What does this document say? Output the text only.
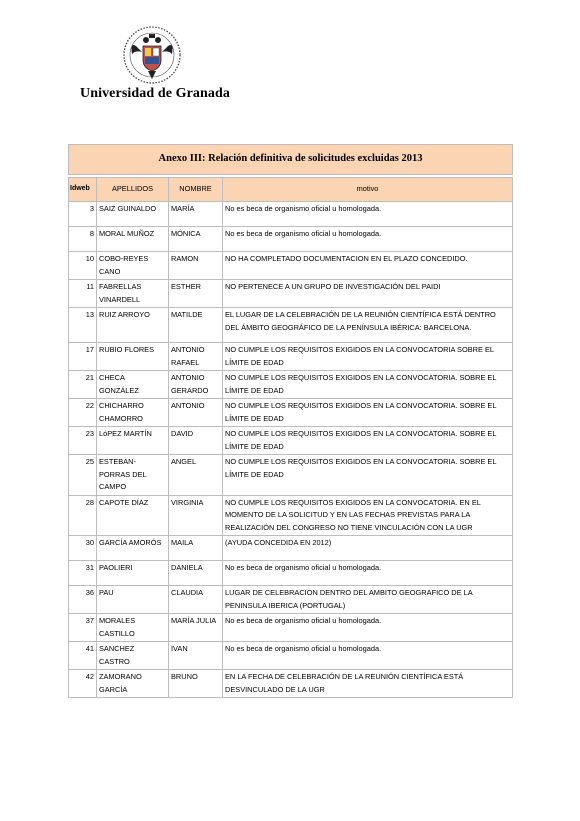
Universidad de Granada
Anexo III: Relación definitiva de solicitudes excluidas 2013			

Idweb	APELLIDOS	NOMBRE	motivo
3	SAIZ GUINALDO	MARÍA	No es beca de organismo oficial u homologada.
8	MORAL MUÑOZ	MÓNICA	No es beca de organismo oficial u homologada.
10	COBO-REYES CANO	RAMON	NO HA COMPLETADO DOCUMENTACION EN EL PLAZO CONCEDIDO.
11	FABRELLAS VINARDELL	ESTHER	NO PERTENECE A UN GRUPO DE INVESTIGACIÓN DEL PAIDI
13	RUIZ ARROYO	MATILDE	EL LUGAR DE LA CELEBRACIÓN DE LA REUNIÓN CIENTÍFICA ESTÁ DENTRO DEL ÁMBITO GEOGRÁFICO DE LA PENÍNSULA IBÉRICA: BARCELONA.
17	RUBIO FLORES	ANTONIO RAFAEL	NO CUMPLE LOS REQUISITOS EXIGIDOS EN LA CONVOCATORIA SOBRE EL LÍMITE DE EDAD
21	CHECA GONZÁLEZ	ANTONIO GERARDO	NO CUMPLE LOS REQUISITOS EXIGIDOS EN LA CONVOCATORIA. SOBRE EL LÍMITE DE EDAD
22	CHICHARRO CHAMORRO	ANTONIO	NO CUMPLE LOS REQUISITOS EXIGIDOS EN LA CONVOCATORIA. SOBRE EL LÍMITE DE EDAD
23	LóPEZ MARTÍN	DAVID	NO CUMPLE LOS REQUISITOS EXIGIDOS EN LA CONVOCATORIA. SOBRE EL LÍMITE DE EDAD
25	ESTEBAN-PORRAS DEL CAMPO	ANGEL	NO CUMPLE LOS REQUISITOS EXIGIDOS EN LA CONVOCATORIA. SOBRE EL LÍMITE DE EDAD
28	CAPOTE DÍAZ	VIRGINIA	NO CUMPLE LOS REQUISITOS EXIGIDOS EN LA CONVOCATORIA. EN EL MOMENTO DE LA SOLICITUD Y EN LAS FECHAS PREVISTAS PARA LA REALIZACIÓN DEL CONGRESO NO TIENE VINCULACIÓN CON LA UGR
30	GARCÍA AMORÓS	MAILA	(AYUDA CONCEDIDA EN 2012)
31	PAOLIERI	DANIELA	No es beca de organismo oficial u homologada.
36	PAU	CLAUDIA	LUGAR DE CELEBRACION DENTRO DEL AMBITO GEOGRAFICO DE LA PENINSULA IBERICA (PORTUGAL)
37	MORALES CASTILLO	MARÍA JULIA	No es beca de organismo oficial u homologada.
41	SANCHEZ CASTRO	IVAN	No es beca de organismo oficial u homologada.
42	ZAMORANO GARCÍA	BRUNO	EN LA FECHA DE CELEBRACIÓN DE LA REUNIÓN CIENTÍFICA ESTÁ DESVINCULADO DE LA UGR
